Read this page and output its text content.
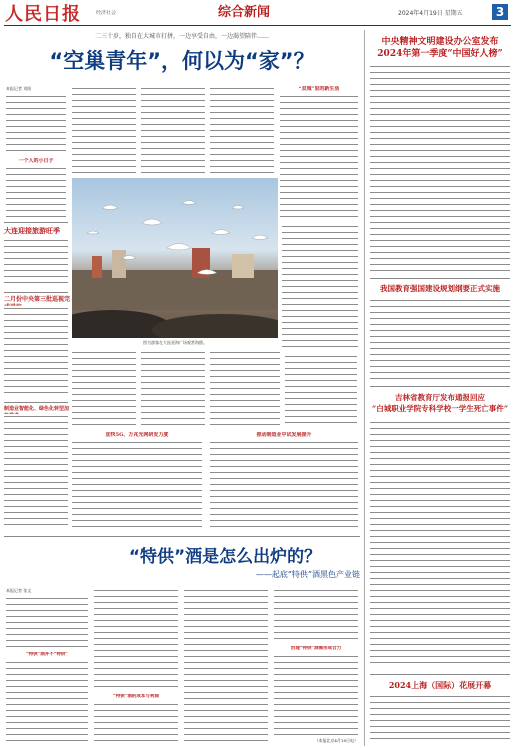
人民日报	经济社会	综合新闻	2024年4月19日 星期五	3
二三十岁，独自在大城市打拼，一边享受自由，一边渴望陪伴……
“空巢青年”，何以为“家”？
本报记者 刘阳
一个人的小日子
“双城”里的新生活
图为游客在大连星海广场观赏海鸥。
大连迎接旅游旺季
二月份中央第三批巡视完
制造业智能化、绿色化转型加
加快5G、万兆光网研发力度	推动制造业中试发展提升
“特供”酒是怎么出炉的？
——起底“特供”酒黑色产业链
本报记者 张文
“特供”酒并不“特供”
“特供”酒的成本与利润
治理“特供”酒需形成合力
（本报北京4月18日电）
中央精神文明建设办公室发布
2024年第一季度“中国好人榜”
我国教育强国建设规划纲要正式实施
吉林省教育厅发布通报回应
“白城职业学院专科学校一学生死亡事件”
2024上海（国际）花展开幕
